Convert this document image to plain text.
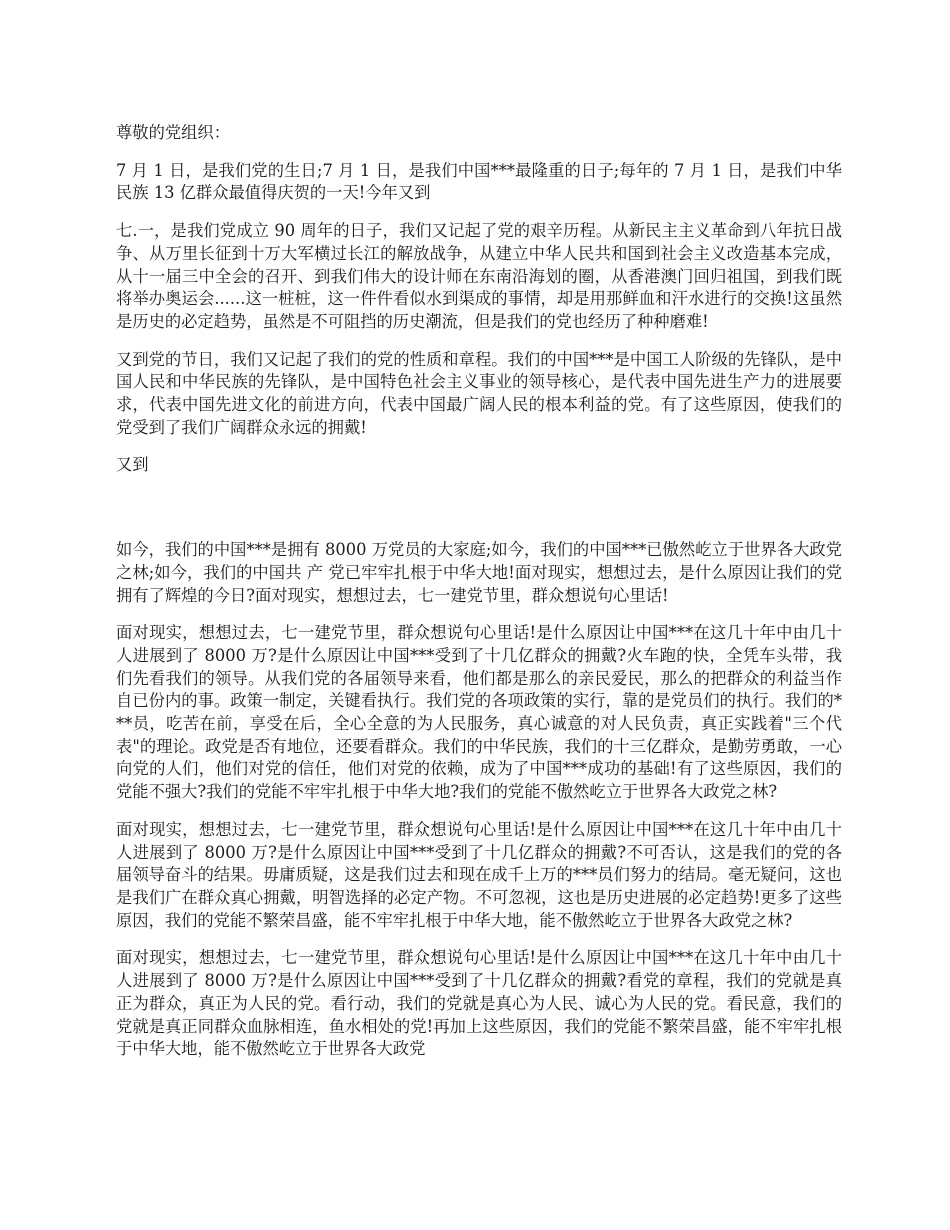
尊敬的党组织：

7 月 1 日，是我们党的生日;7 月 1 日，是我们中国***最隆重的日子;每年的 7 月 1 日，是我们中华民族 13 亿群众最值得庆贺的一天!今年又到

七.一，是我们党成立 90 周年的日子，我们又记起了党的艰辛历程。从新民主主义革命到八年抗日战争、从万里长征到十万大军横过长江的解放战争，从建立中华人民共和国到社会主义改造基本完成，从十一届三中全会的召开、到我们伟大的设计师在东南沿海划的圈，从香港澳门回归祖国，到我们既将举办奥运会......这一桩桩，这一件件看似水到渠成的事情，却是用那鲜血和汗水进行的交换!这虽然是历史的必定趋势，虽然是不可阻挡的历史潮流，但是我们的党也经历了种种磨难!

又到党的节日，我们又记起了我们的党的性质和章程。我们的中国***是中国工人阶级的先锋队，是中国人民和中华民族的先锋队，是中国特色社会主义事业的领导核心，是代表中国先进生产力的进展要求，代表中国先进文化的前进方向，代表中国最广阔人民的根本利益的党。有了这些原因，使我们的党受到了我们广阔群众永远的拥戴!

又到

如今，我们的中国***是拥有 8000 万党员的大家庭;如今，我们的中国***已傲然屹立于世界各大政党之林;如今，我们的中国共 产 党已牢牢扎根于中华大地!面对现实，想想过去，是什么原因让我们的党拥有了辉煌的今日?面对现实，想想过去，七一建党节里，群众想说句心里话!

面对现实，想想过去，七一建党节里，群众想说句心里话!是什么原因让中国***在这几十年中由几十人进展到了 8000 万?是什么原因让中国***受到了十几亿群众的拥戴?火车跑的快，全凭车头带，我们先看我们的领导。从我们党的各届领导来看，他们都是那么的亲民爱民，那么的把群众的利益当作自已份内的事。政策一制定，关键看执行。我们党的各项政策的实行，靠的是党员们的执行。我们的***员，吃苦在前，享受在后，全心全意的为人民服务，真心诚意的对人民负责，真正实践着"三个代表"的理论。政党是否有地位，还要看群众。我们的中华民族，我们的十三亿群众，是勤劳勇敢，一心向党的人们，他们对党的信任，他们对党的依赖，成为了中国***成功的基础!有了这些原因，我们的党能不强大?我们的党能不牢牢扎根于中华大地?我们的党能不傲然屹立于世界各大政党之林?

面对现实，想想过去，七一建党节里，群众想说句心里话!是什么原因让中国***在这几十年中由几十人进展到了 8000 万?是什么原因让中国***受到了十几亿群众的拥戴?不可否认，这是我们的党的各届领导奋斗的结果。毋庸质疑，这是我们过去和现在成千上万的***员们努力的结局。毫无疑问，这也是我们广在群众真心拥戴，明智选择的必定产物。不可忽视，这也是历史进展的必定趋势!更多了这些原因，我们的党能不繁荣昌盛，能不牢牢扎根于中华大地，能不傲然屹立于世界各大政党之林?

面对现实，想想过去，七一建党节里，群众想说句心里话!是什么原因让中国***在这几十年中由几十人进展到了 8000 万?是什么原因让中国***受到了十几亿群众的拥戴?看党的章程，我们的党就是真正为群众，真正为人民的党。看行动，我们的党就是真心为人民、诚心为人民的党。看民意，我们的党就是真正同群众血脉相连，鱼水相处的党!再加上这些原因，我们的党能不繁荣昌盛，能不牢牢扎根于中华大地，能不傲然屹立于世界各大政党
